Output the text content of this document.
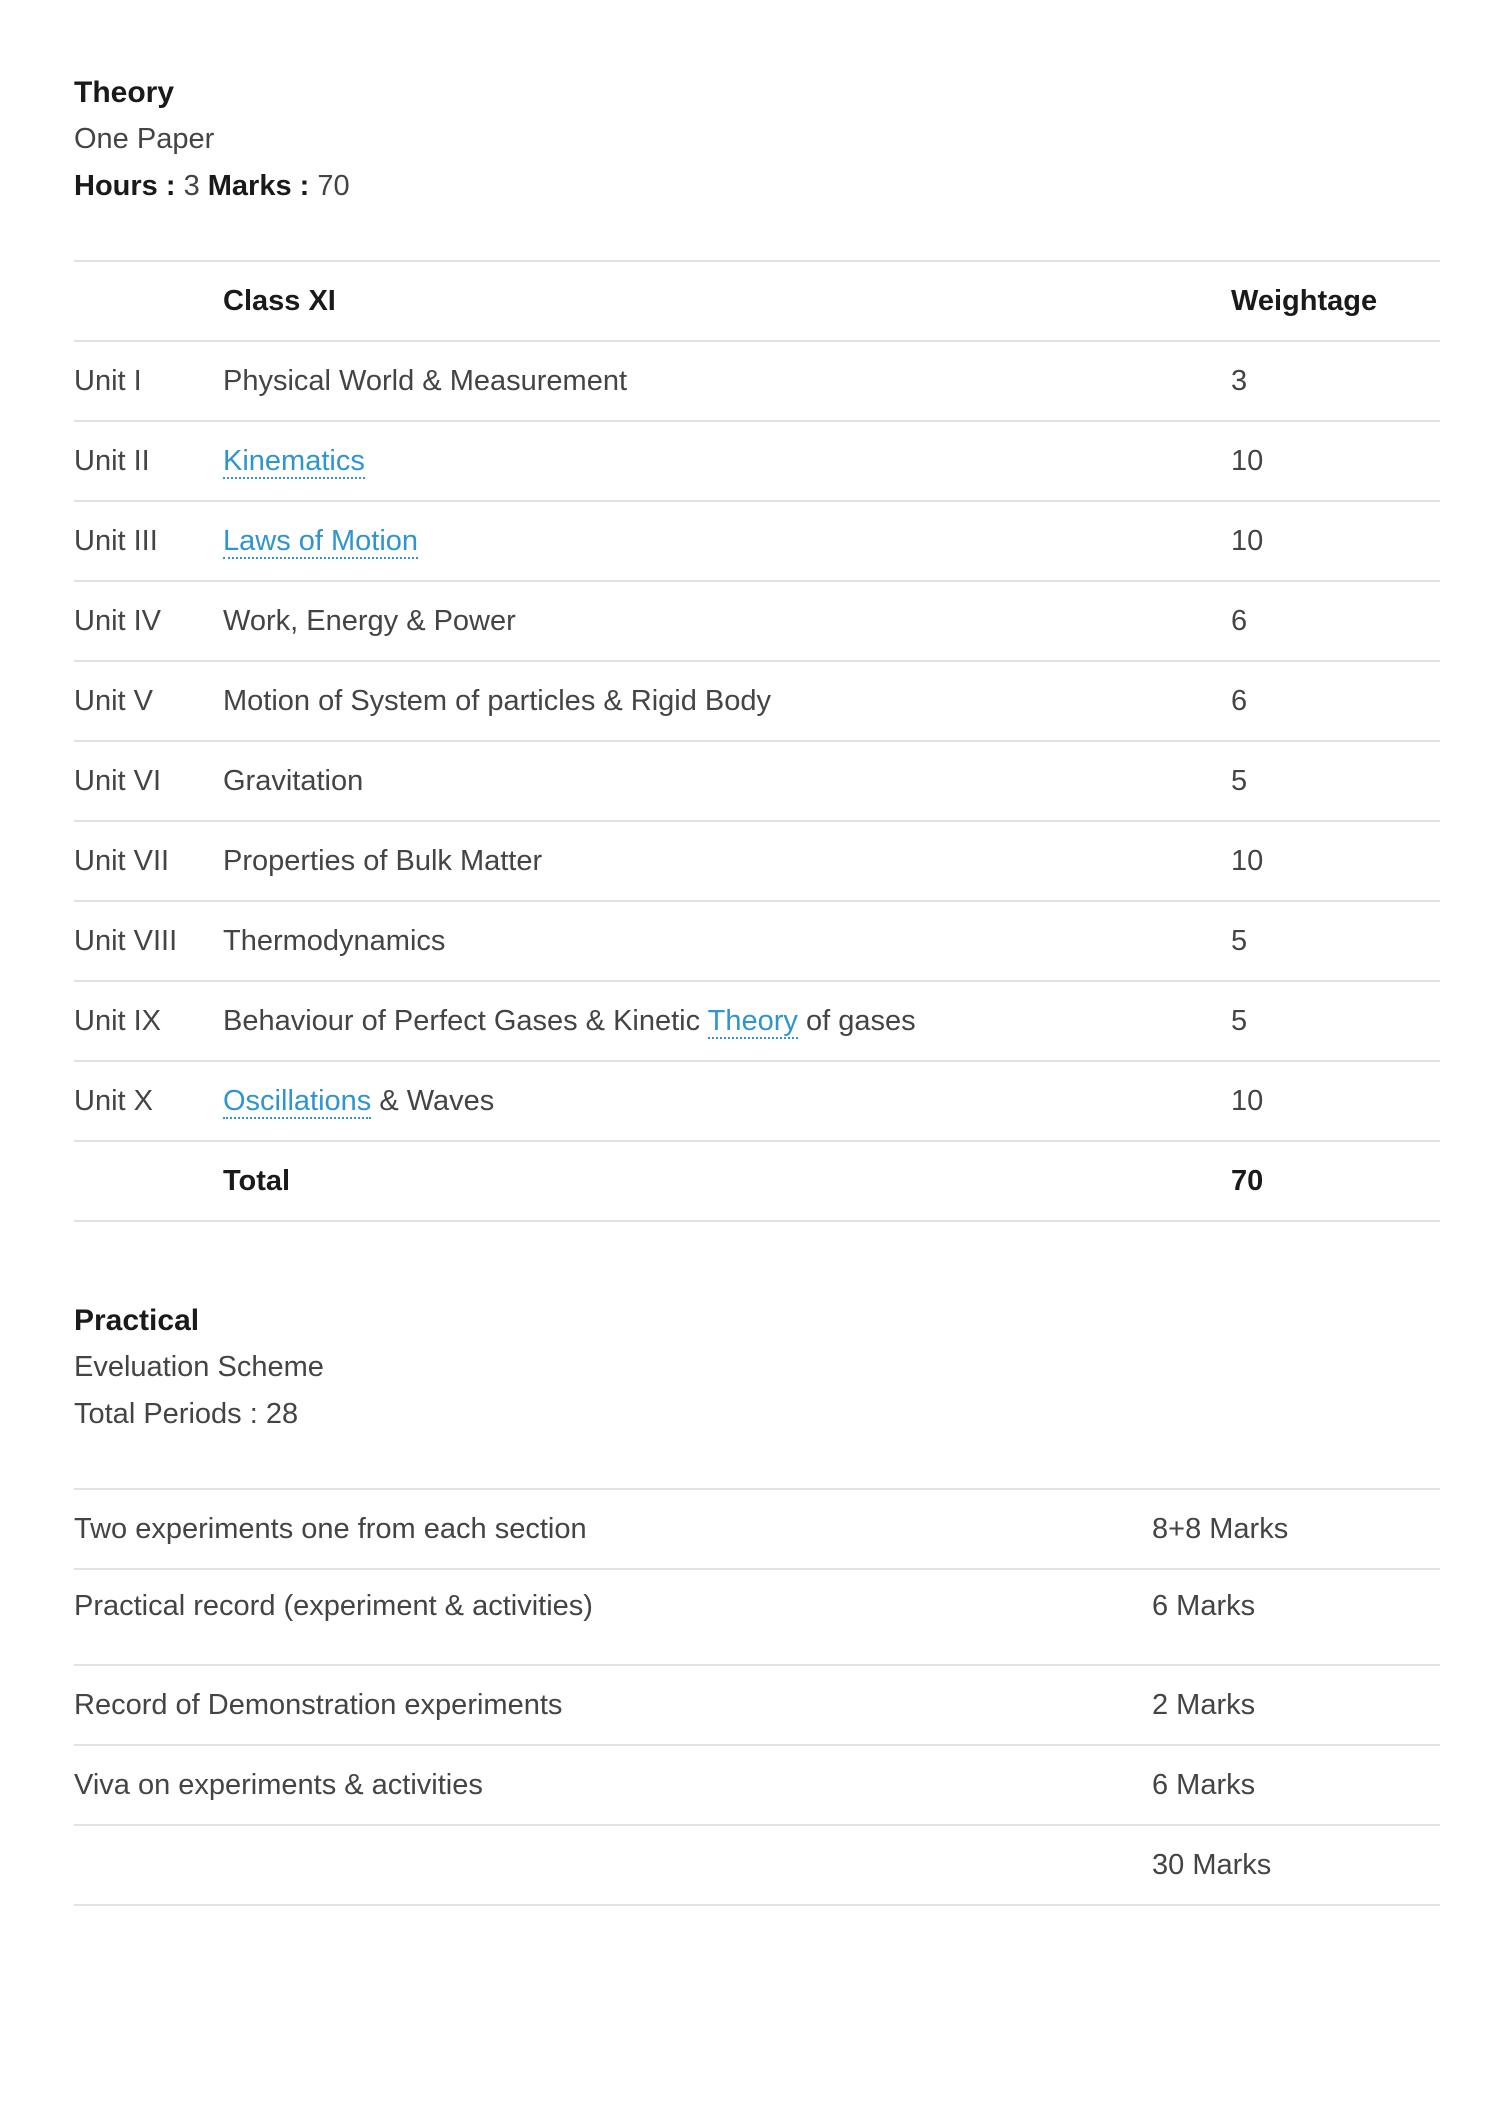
Theory

One Paper

Hours : 3 Marks : 70

	Class XI	Weightage
Unit I	Physical World & Measurement	3
Unit II	Kinematics	10
Unit III	Laws of Motion	10
Unit IV	Work, Energy & Power	6
Unit V	Motion of System of particles & Rigid Body	6
Unit VI	Gravitation	5
Unit VII	Properties of Bulk Matter	10
Unit VIII	Thermodynamics	5
Unit IX	Behaviour of Perfect Gases & Kinetic Theory of gases	5
Unit X	Oscillations & Waves	10
	Total	70

Practical

Eveluation Scheme

Total Periods : 28

Two experiments one from each section	8+8 Marks
Practical record (experiment & activities)	6 Marks
Record of Demonstration experiments	2 Marks
Viva on experiments & activities	6 Marks
	30 Marks
